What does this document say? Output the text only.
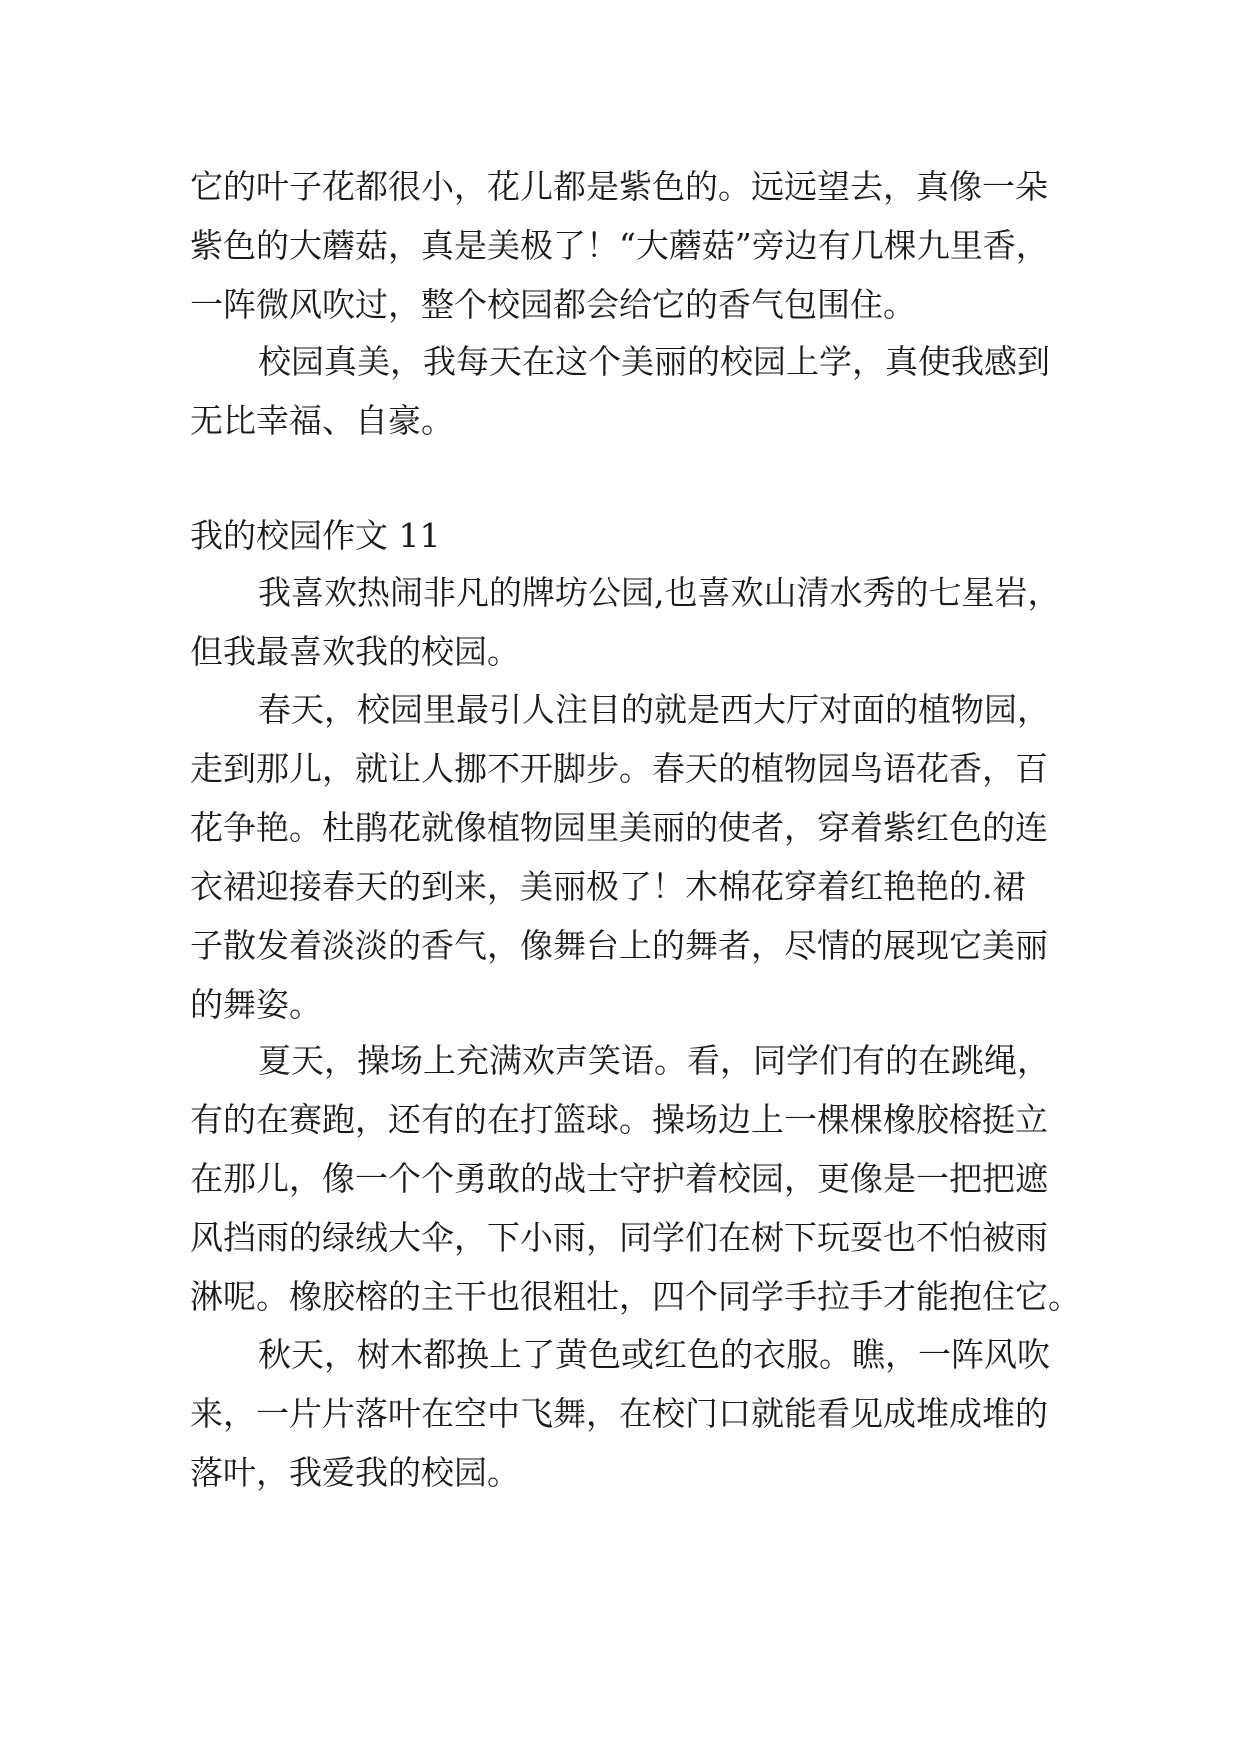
它的叶子花都很小，花儿都是紫色的。远远望去，真像一朵
紫色的大蘑菇，真是美极了！“大蘑菇”旁边有几棵九里香，
一阵微风吹过，整个校园都会给它的香气包围住。
校园真美，我每天在这个美丽的校园上学，真使我感到
无比幸福、自豪。
我的校园作文 11
我喜欢热闹非凡的牌坊公园,也喜欢山清水秀的七星岩，
但我最喜欢我的校园。
春天，校园里最引人注目的就是西大厅对面的植物园，
走到那儿，就让人挪不开脚步。春天的植物园鸟语花香，百
花争艳。杜鹃花就像植物园里美丽的使者，穿着紫红色的连
衣裙迎接春天的到来，美丽极了！木棉花穿着红艳艳的.裙
子散发着淡淡的香气，像舞台上的舞者，尽情的展现它美丽
的舞姿。
夏天，操场上充满欢声笑语。看，同学们有的在跳绳，
有的在赛跑，还有的在打篮球。操场边上一棵棵橡胶榕挺立
在那儿，像一个个勇敢的战士守护着校园，更像是一把把遮
风挡雨的绿绒大伞，下小雨，同学们在树下玩耍也不怕被雨
淋呢。橡胶榕的主干也很粗壮，四个同学手拉手才能抱住它。
秋天，树木都换上了黄色或红色的衣服。瞧，一阵风吹
来，一片片落叶在空中飞舞，在校门口就能看见成堆成堆的
落叶，我爱我的校园。
